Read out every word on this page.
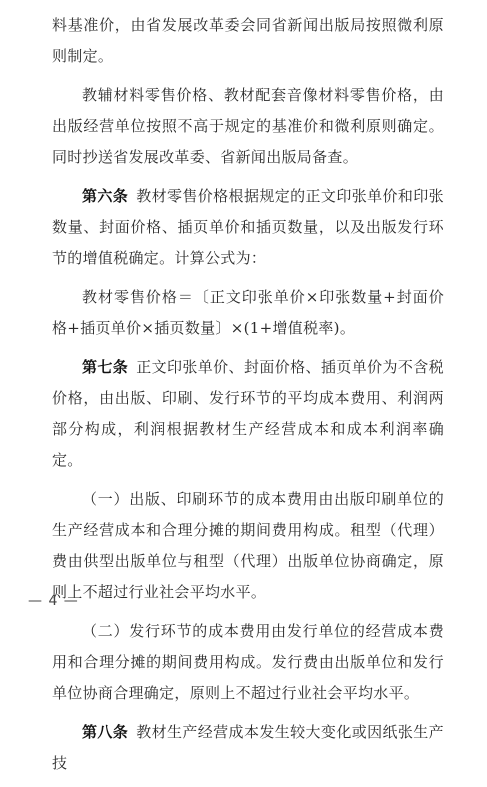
料基准价，由省发展改革委会同省新闻出版局按照微利原则制定。

教辅材料零售价格、教材配套音像材料零售价格，由出版经营单位按照不高于规定的基准价和微利原则确定。同时抄送省发展改革委、省新闻出版局备查。

第六条 教材零售价格根据规定的正文印张单价和印张数量、封面价格、插页单价和插页数量，以及出版发行环节的增值税确定。计算公式为：

教材零售价格＝〔正文印张单价×印张数量+封面价格+插页单价×插页数量〕×(1+增值税率)。

第七条 正文印张单价、封面价格、插页单价为不含税价格，由出版、印刷、发行环节的平均成本费用、利润两部分构成，利润根据教材生产经营成本和成本利润率确定。

（一）出版、印刷环节的成本费用由出版印刷单位的生产经营成本和合理分摊的期间费用构成。租型（代理）费由供型出版单位与租型（代理）出版单位协商确定，原则上不超过行业社会平均水平。

（二）发行环节的成本费用由发行单位的经营成本费用和合理分摊的期间费用构成。发行费由出版单位和发行单位协商合理确定，原则上不超过行业社会平均水平。

第八条 教材生产经营成本发生较大变化或因纸张生产技

— 4 —
